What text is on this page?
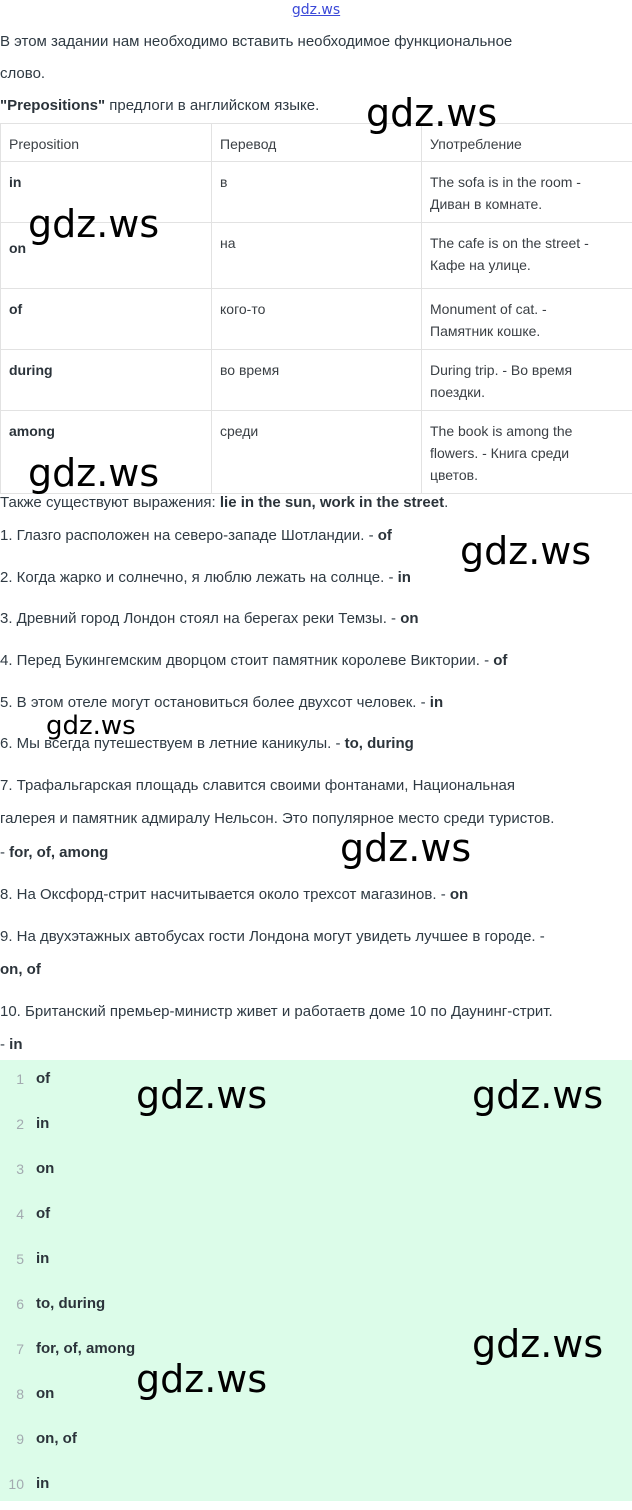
gdz.ws
В этом задании нам необходимо вставить необходимое функциональное
слово.
"Prepositions" предлоги в английском языке.
Preposition	Перевод	Употребление
in	в	The sofa is in the room -
Диван в комнате.

on	на	The cafe is on the street -
Кафе на улице.

of	кого-то	Monument of cat. -
Памятник кошке.

during	во время	During trip. - Во время
поездки.

among	среди	The book is among the
flowers. - Книга среди
цветов.
Также существуют выражения: lie in the sun, work in the street.
1. Глазго расположен на северо-западе Шотландии. - of
2. Когда жарко и солнечно, я люблю лежать на солнце. - in
3. Древний город Лондон стоял на берегах реки Темзы. - on
4. Перед Букингемским дворцом стоит памятник королеве Виктории. - of
5. В этом отеле могут остановиться более двухсот человек. - in
6. Мы всегда путешествуем в летние каникулы. - to, during
7. Трафальгарская площадь славится своими фонтанами, Национальная
галерея и памятник адмиралу Нельсон. Это популярное место среди туристов.
- for, of, among
8. На Оксфорд-стрит насчитывается около трехсот магазинов. - on
9. На двухэтажных автобусах гости Лондона могут увидеть лучшее в городе. -
on, of
10. Британский премьер-министр живет и работаетв доме 10 по Даунинг-стрит.
- in
1 of
2 in
3 on
4 of
5 in
6 to, during
7 for, of, among
8 on
9 on, of
10 in
gdz.ws
gdz.ws
gdz.ws
gdz.ws
gdz.ws
gdz.ws
gdz.ws	gdz.ws
gdz.ws
gdz.ws
